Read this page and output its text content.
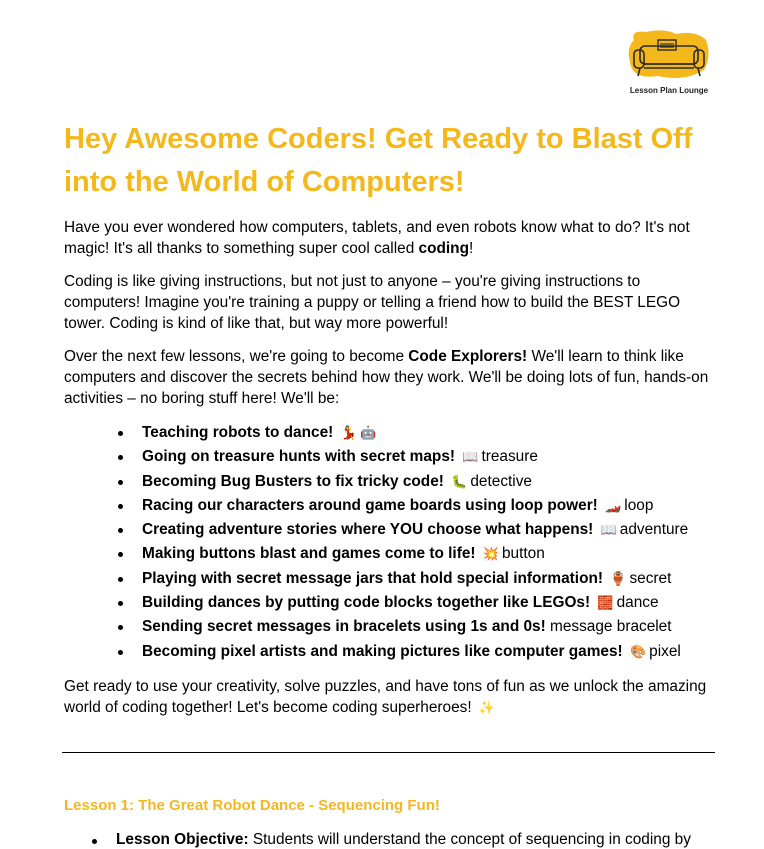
Lesson Plan Lounge
Hey Awesome Coders! Get Ready to Blast Off into the World of Computers!

Have you ever wondered how computers, tablets, and even robots know what to do? It's not magic! It's all thanks to something super cool called coding!

Coding is like giving instructions, but not just to anyone – you're giving instructions to computers! Imagine you're training a puppy or telling a friend how to build the BEST LEGO tower. Coding is kind of like that, but way more powerful!

Over the next few lessons, we're going to become Code Explorers! We'll learn to think like computers and discover the secrets behind how they work. We'll be doing lots of fun, hands-on activities – no boring stuff here! We'll be:

Teaching robots to dance! 💃 🤖
Going on treasure hunts with secret maps! 📖 treasure
Becoming Bug Busters to fix tricky code! 🐛 detective
Racing our characters around game boards using loop power! 🏎️ loop
Creating adventure stories where YOU choose what happens! 📖 adventure
Making buttons blast and games come to life! 💥 button
Playing with secret message jars that hold special information! 🏺 secret
Building dances by putting code blocks together like LEGOs! 🧱 dance
Sending secret messages in bracelets using 1s and 0s! message bracelet
Becoming pixel artists and making pictures like computer games! 🎨 pixel

Get ready to use your creativity, solve puzzles, and have tons of fun as we unlock the amazing world of coding together! Let's become coding superheroes! ✨

Lesson 1: The Great Robot Dance - Sequencing Fun!
Lesson Objective: Students will understand the concept of sequencing in coding by
